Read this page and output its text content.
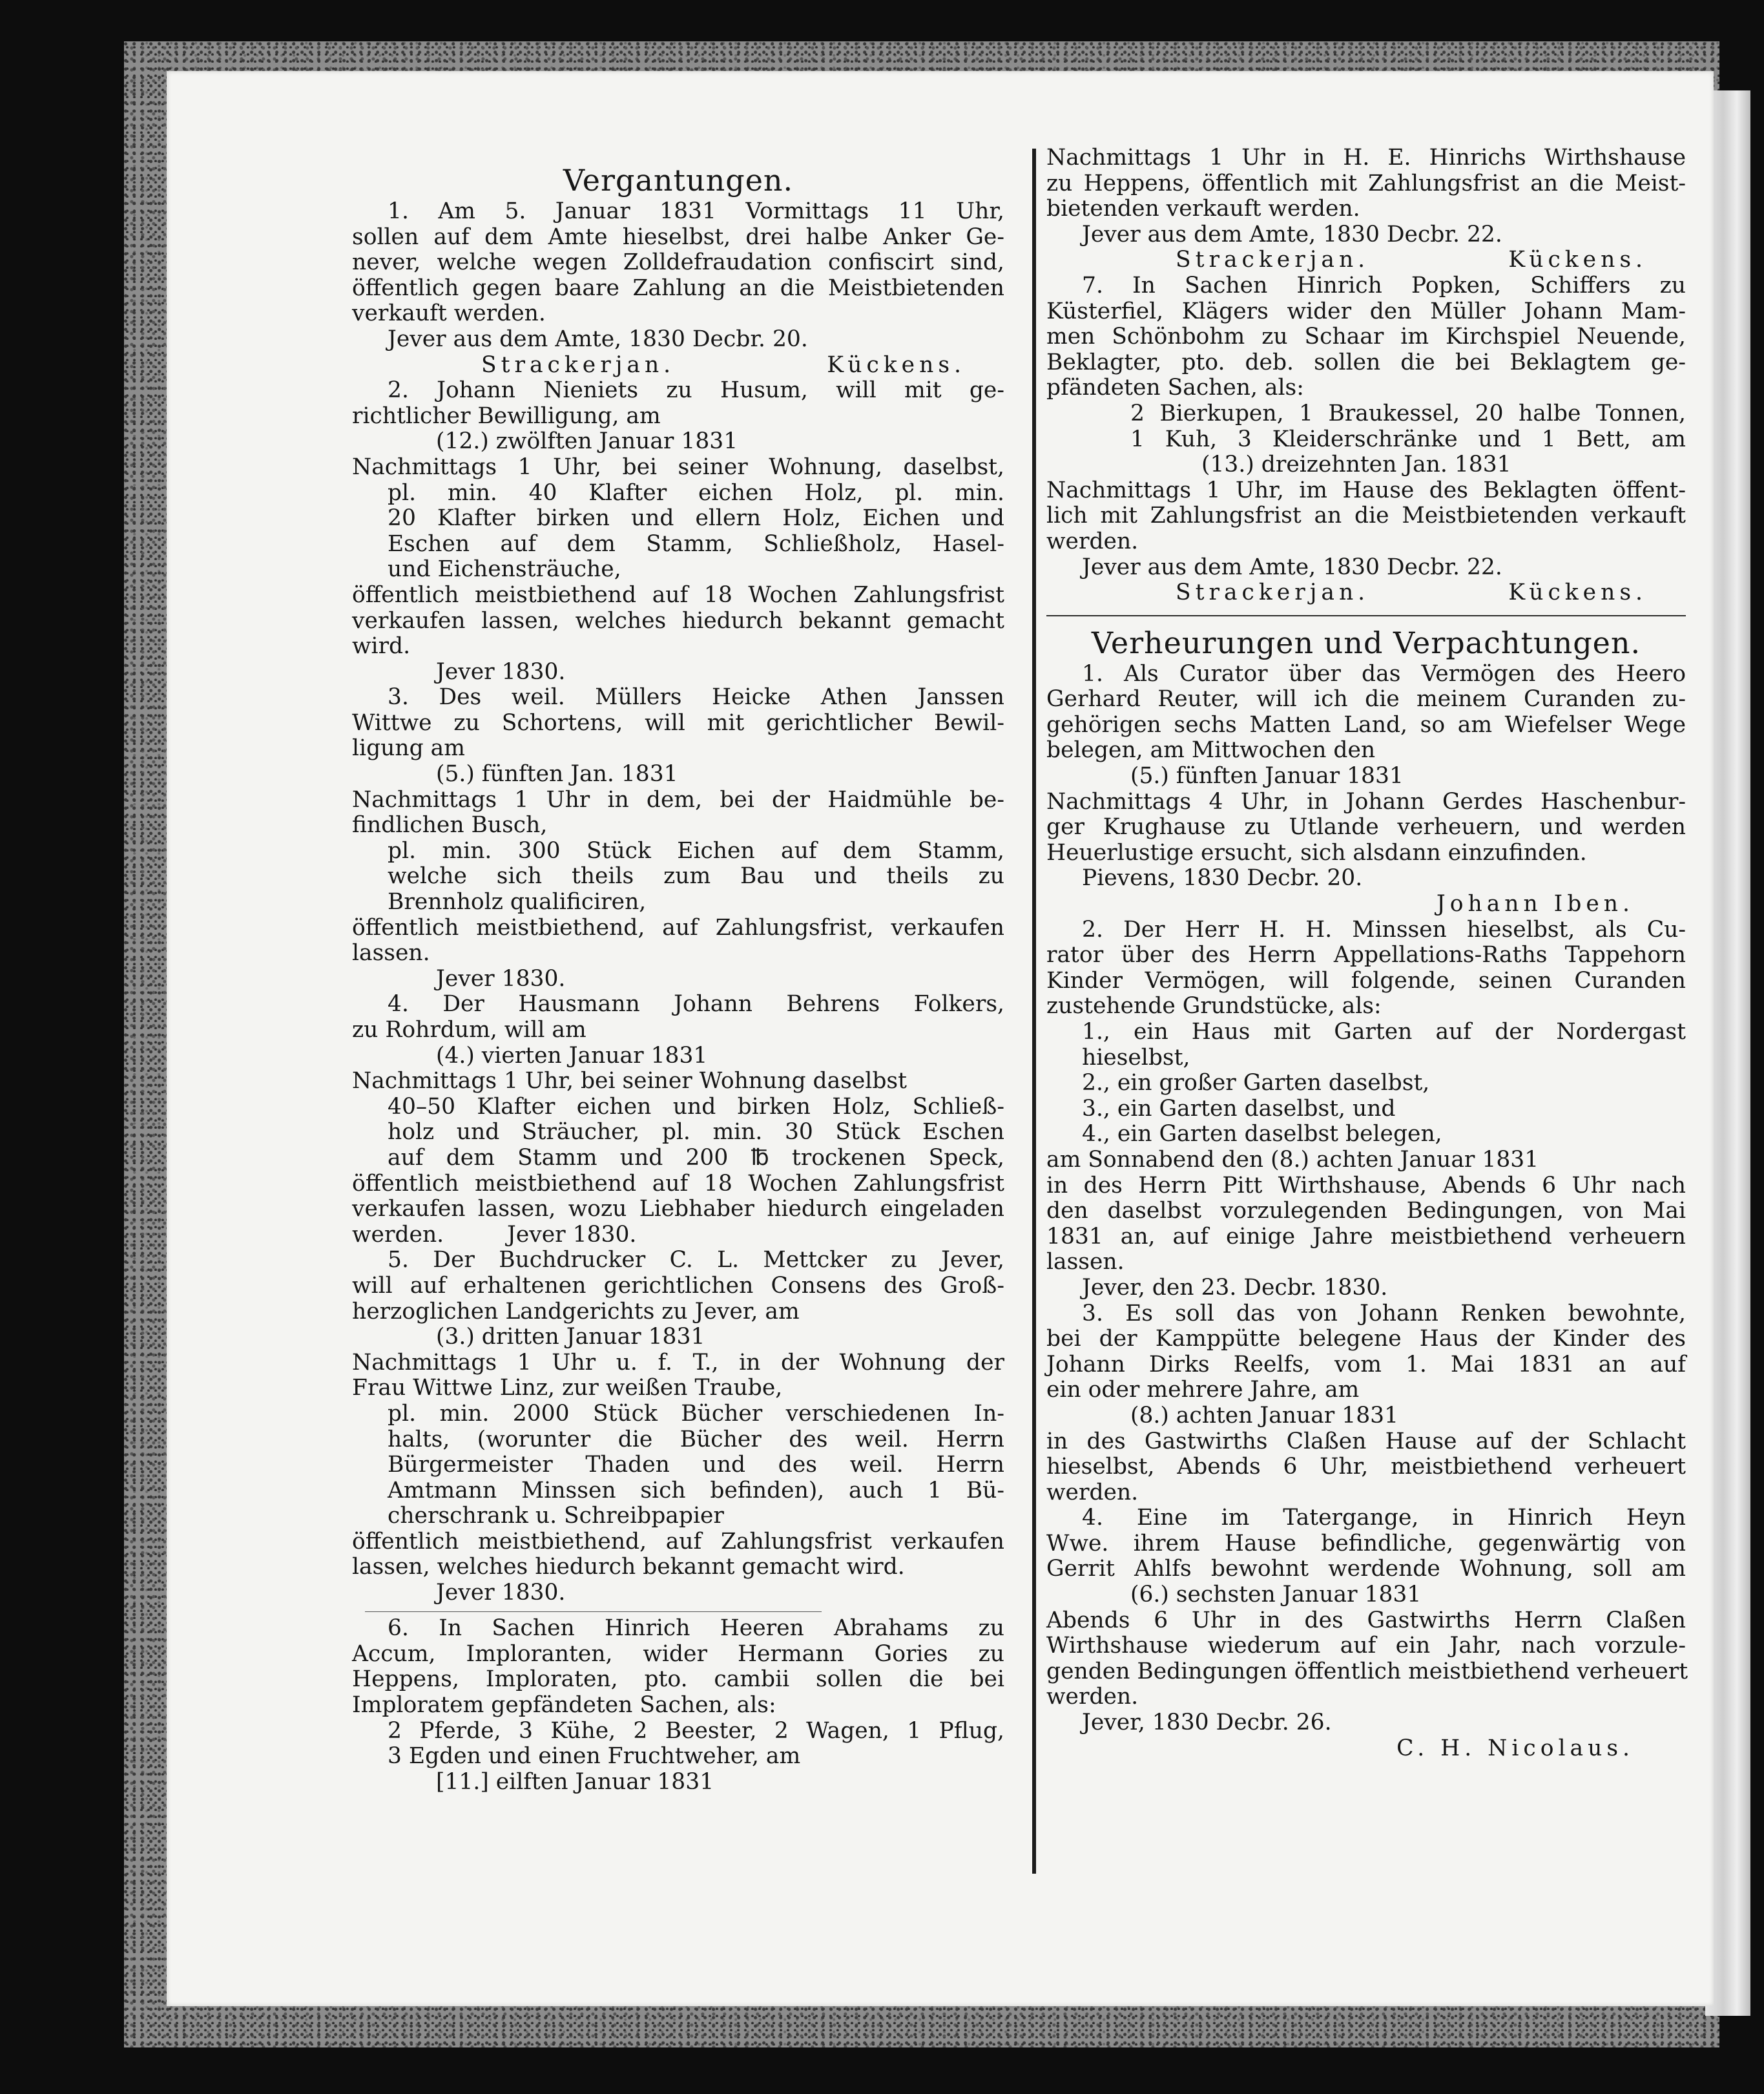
Vergantungen.
1. Am 5. Januar 1831 Vormittags 11 Uhr,
sollen auf dem Amte hieselbst, drei halbe Anker Ge-
never, welche wegen Zolldefraudation confiscirt sind,
öffentlich gegen baare Zahlung an die Meistbietenden
verkauft werden.
Jever aus dem Amte, 1830 Decbr. 20.
Strackerjan.	Kückens.
2. Johann Nieniets zu Husum, will mit ge-
richtlicher Bewilligung, am
(12.) zwölften Januar 1831
Nachmittags 1 Uhr, bei seiner Wohnung, daselbst,
pl. min. 40 Klafter eichen Holz, pl. min.
20 Klafter birken und ellern Holz, Eichen und
Eschen auf dem Stamm, Schließholz, Hasel-
und Eichensträuche,
öffentlich meistbiethend auf 18 Wochen Zahlungsfrist
verkaufen lassen, welches hiedurch bekannt gemacht
wird.
Jever 1830.
3. Des weil. Müllers Heicke Athen Janssen
Wittwe zu Schortens, will mit gerichtlicher Bewil-
ligung am
(5.) fünften Jan. 1831
Nachmittags 1 Uhr in dem, bei der Haidmühle be-
findlichen Busch,
pl. min. 300 Stück Eichen auf dem Stamm,
welche sich theils zum Bau und theils zu
Brennholz qualificiren,
öffentlich meistbiethend, auf Zahlungsfrist, verkaufen
lassen.
Jever 1830.
4. Der Hausmann Johann Behrens Folkers,
zu Rohrdum, will am
(4.) vierten Januar 1831
Nachmittags 1 Uhr, bei seiner Wohnung daselbst
40–50 Klafter eichen und birken Holz, Schließ-
holz und Sträucher, pl. min. 30 Stück Eschen
auf dem Stamm und 200 ℔ trockenen Speck,
öffentlich meistbiethend auf 18 Wochen Zahlungsfrist
verkaufen lassen, wozu Liebhaber hiedurch eingeladen
werden.	Jever 1830.
5. Der Buchdrucker C. L. Mettcker zu Jever,
will auf erhaltenen gerichtlichen Consens des Groß-
herzoglichen Landgerichts zu Jever, am
(3.) dritten Januar 1831
Nachmittags 1 Uhr u. f. T., in der Wohnung der
Frau Wittwe Linz, zur weißen Traube,
pl. min. 2000 Stück Bücher verschiedenen In-
halts, (worunter die Bücher des weil. Herrn
Bürgermeister Thaden und des weil. Herrn
Amtmann Minssen sich befinden), auch 1 Bü-
cherschrank u. Schreibpapier
öffentlich meistbiethend, auf Zahlungsfrist verkaufen
lassen, welches hiedurch bekannt gemacht wird.
Jever 1830.
6. In Sachen Hinrich Heeren Abrahams zu
Accum, Imploranten, wider Hermann Gories zu
Heppens, Imploraten, pto. cambii sollen die bei
Imploratem gepfändeten Sachen, als:
2 Pferde, 3 Kühe, 2 Beester, 2 Wagen, 1 Pflug,
3 Egden und einen Fruchtweher, am
[11.] eilften Januar 1831
Nachmittags 1 Uhr in H. E. Hinrichs Wirthshause
zu Heppens, öffentlich mit Zahlungsfrist an die Meist-
bietenden verkauft werden.
Jever aus dem Amte, 1830 Decbr. 22.
Strackerjan.	Kückens.
7. In Sachen Hinrich Popken, Schiffers zu
Küsterfiel, Klägers wider den Müller Johann Mam-
men Schönbohm zu Schaar im Kirchspiel Neuende,
Beklagter, pto. deb. sollen die bei Beklagtem ge-
pfändeten Sachen, als:
2 Bierkupen, 1 Braukessel, 20 halbe Tonnen,
1 Kuh, 3 Kleiderschränke und 1 Bett, am
(13.) dreizehnten Jan. 1831
Nachmittags 1 Uhr, im Hause des Beklagten öffent-
lich mit Zahlungsfrist an die Meistbietenden verkauft
werden.
Jever aus dem Amte, 1830 Decbr. 22.
Strackerjan.	Kückens.
Verheurungen und Verpachtungen.
1. Als Curator über das Vermögen des Heero
Gerhard Reuter, will ich die meinem Curanden zu-
gehörigen sechs Matten Land, so am Wiefelser Wege
belegen, am Mittwochen den
(5.) fünften Januar 1831
Nachmittags 4 Uhr, in Johann Gerdes Haschenbur-
ger Krughause zu Utlande verheuern, und werden
Heuerlustige ersucht, sich alsdann einzufinden.
Pievens, 1830 Decbr. 20.
Johann Iben.
2. Der Herr H. H. Minssen hieselbst, als Cu-
rator über des Herrn Appellations-Raths Tappehorn
Kinder Vermögen, will folgende, seinen Curanden
zustehende Grundstücke, als:
1., ein Haus mit Garten auf der Nordergast
hieselbst,
2., ein großer Garten daselbst,
3., ein Garten daselbst, und
4., ein Garten daselbst belegen,
am Sonnabend den (8.) achten Januar 1831
in des Herrn Pitt Wirthshause, Abends 6 Uhr nach
den daselbst vorzulegenden Bedingungen, von Mai
1831 an, auf einige Jahre meistbiethend verheuern
lassen.
Jever, den 23. Decbr. 1830.
3. Es soll das von Johann Renken bewohnte,
bei der Kamppütte belegene Haus der Kinder des
Johann Dirks Reelfs, vom 1. Mai 1831 an auf
ein oder mehrere Jahre, am
(8.) achten Januar 1831
in des Gastwirths Claßen Hause auf der Schlacht
hieselbst, Abends 6 Uhr, meistbiethend verheuert
werden.
4. Eine im Tatergange, in Hinrich Heyn
Wwe. ihrem Hause befindliche, gegenwärtig von
Gerrit Ahlfs bewohnt werdende Wohnung, soll am
(6.) sechsten Januar 1831
Abends 6 Uhr in des Gastwirths Herrn Claßen
Wirthshause wiederum auf ein Jahr, nach vorzule-
genden Bedingungen öffentlich meistbiethend verheuert
werden.
Jever, 1830 Decbr. 26.
C. H. Nicolaus.
